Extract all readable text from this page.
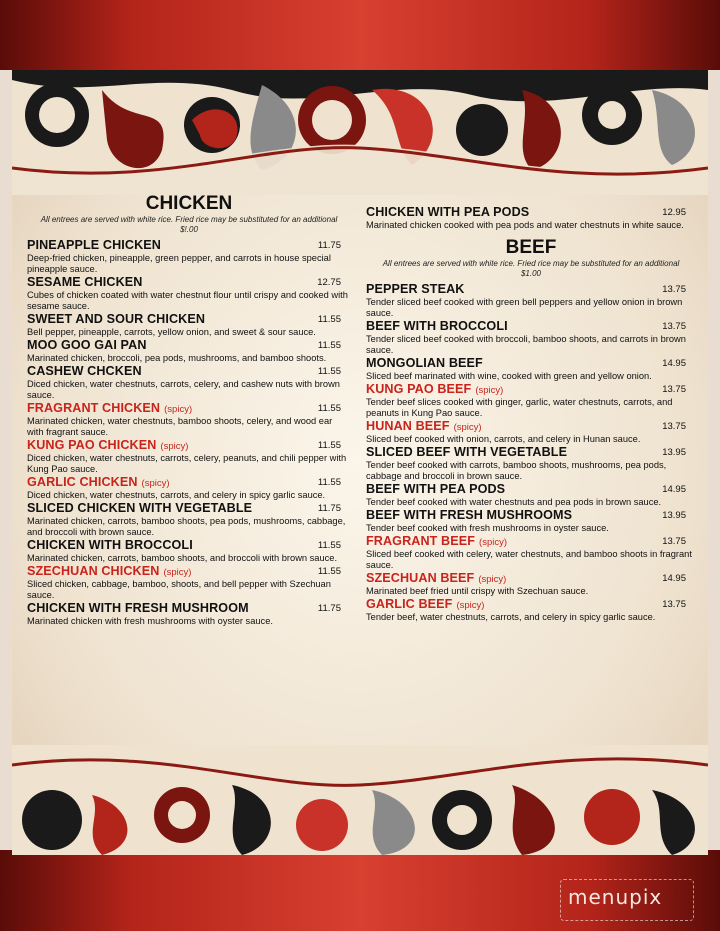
CHICKEN
All entrees are served with white rice. Fried rice may be substituted for an additional $!.00
PINEAPPLE CHICKEN	11.75
Deep-fried chicken, pineapple, green pepper, and carrots in house special pineapple sauce.
SESAME CHICKEN	12.75
Cubes of chicken coated with water chestnut flour until crispy and cooked with sesame sauce.
SWEET AND SOUR CHICKEN	11.55
Bell pepper, pineapple, carrots, yellow onion, and sweet & sour sauce.
MOO GOO GAI PAN	11.55
Marinated chicken, broccoli, pea pods, mushrooms, and bamboo shoots.
CASHEW CHCKEN	11.55
Diced chicken, water chestnuts, carrots, celery, and cashew nuts with brown sauce.
FRAGRANT CHICKEN (spicy)	11.55
Marinated chicken, water chestnuts, bamboo shoots, celery, and wood ear with fragrant sauce.
KUNG PAO CHICKEN (spicy)	11.55
Diced chicken, water chestnuts, carrots, celery, peanuts, and chili pepper with Kung Pao sauce.
GARLIC CHICKEN (spicy)	11.55
Diced chicken, water chestnuts, carrots, and celery in spicy garlic sauce.
SLICED CHICKEN WITH VEGETABLE	11.75
Marinated chicken, carrots, bamboo shoots, pea pods, mushrooms, cabbage, and broccoli with brown sauce.
CHICKEN WITH BROCCOLI	11.55
Marinated chicken, carrots, bamboo shoots, and broccoli with brown sauce.
SZECHUAN CHICKEN (spicy)	11.55
Sliced chicken, cabbage, bamboo, shoots, and bell pepper with Szechuan sauce.
CHICKEN WITH FRESH MUSHROOM	11.75
Marinated chicken with fresh mushrooms with oyster sauce.
CHICKEN WITH PEA PODS	12.95
Marinated chicken cooked with pea pods and water chestnuts in white sauce.
BEEF
All entrees are served with white rice. Fried rice may be substituted for an additional $1.00
PEPPER STEAK	13.75
Tender sliced beef cooked with green bell peppers and yellow onion in brown sauce.
BEEF WITH BROCCOLI	13.75
Tender sliced beef cooked with broccoli, bamboo shoots, and carrots in brown sauce.
MONGOLIAN BEEF	14.95
Sliced beef marinated with wine, cooked with green and yellow onion.
KUNG PAO BEEF (spicy)	13.75
Tender beef slices cooked with ginger, garlic, water chestnuts, carrots, and peanuts in Kung Pao sauce.
HUNAN BEEF (spicy)	13.75
Sliced beef cooked with onion, carrots, and celery in Hunan sauce.
SLICED BEEF WITH VEGETABLE	13.95
Tender beef cooked with carrots, bamboo shoots, mushrooms, pea pods, cabbage and broccoli in brown sauce.
BEEF WITH PEA PODS	14.95
Tender beef cooked with water chestnuts and pea pods in brown sauce.
BEEF WITH FRESH MUSHROOMS	13.95
Tender beef cooked with fresh mushrooms in oyster sauce.
FRAGRANT BEEF (spicy)	13.75
Sliced beef cooked with celery, water chestnuts, and bamboo shoots in fragrant sauce.
SZECHUAN BEEF (spicy)	14.95
Marinated beef fried until crispy with Szechuan sauce.
GARLIC BEEF (spicy)	13.75
Tender beef, water chestnuts, carrots, and celery in spicy garlic sauce.
menupix
